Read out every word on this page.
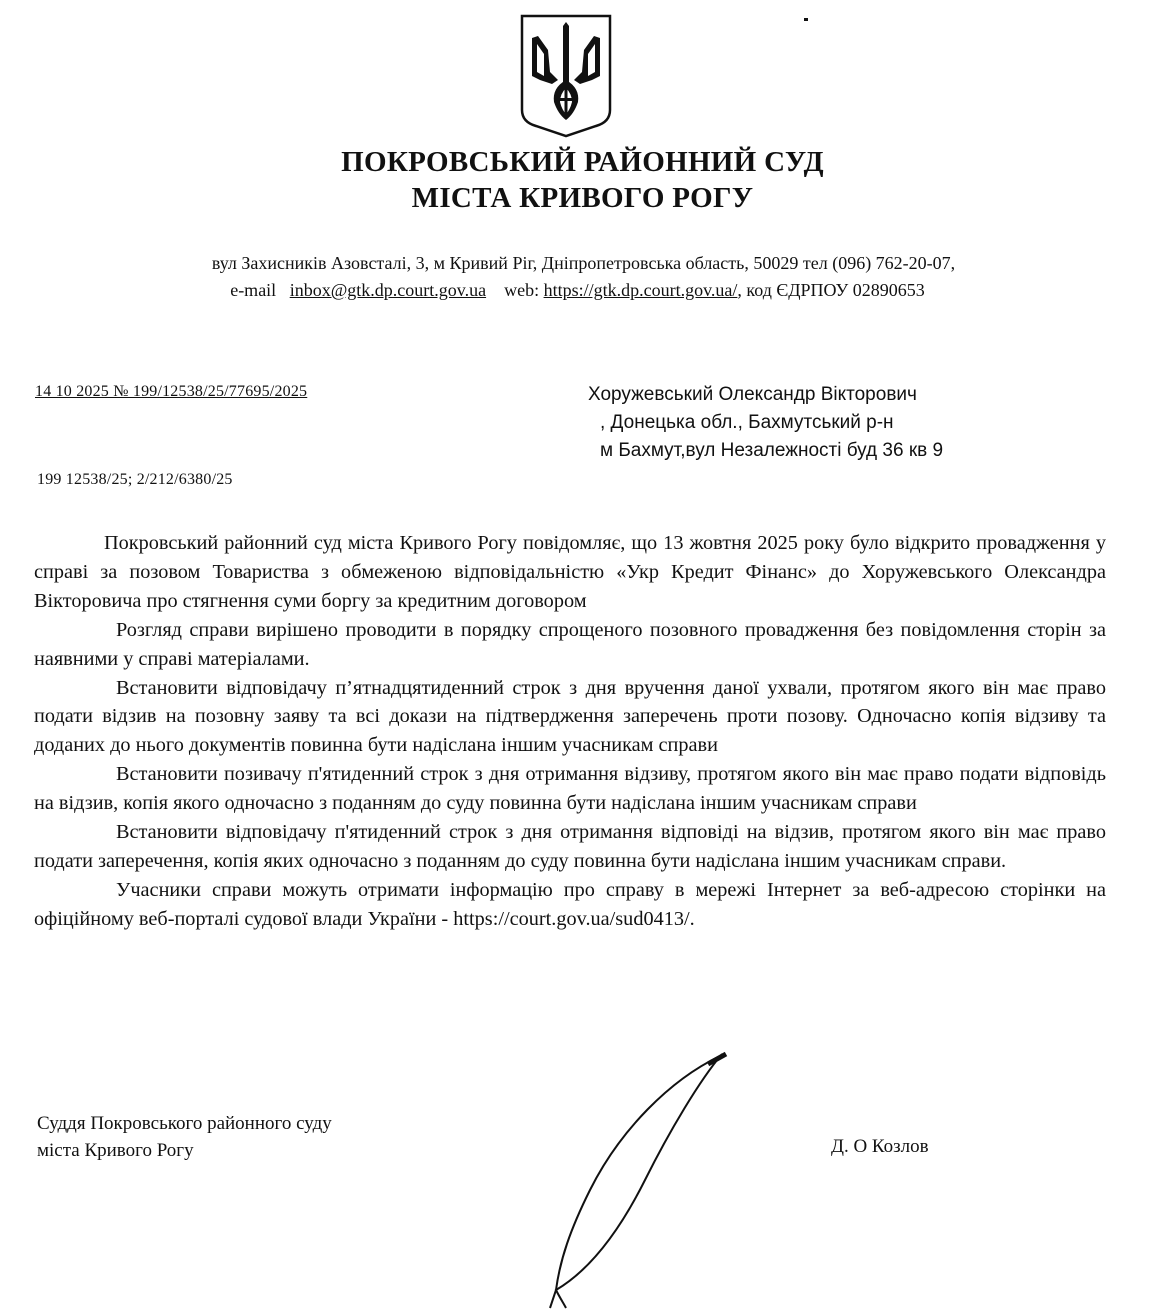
ПОКРОВСЬКИЙ РАЙОННИЙ СУД
МІСТА КРИВОГО РОГУ
вул Захисників Азовсталі, 3, м Кривий Ріг, Дніпропетровська область, 50029 тел (096) 762-20-07,
e-mail inbox@gtk.dp.court.gov.ua web: https://gtk.dp.court.gov.ua/, код ЄДРПОУ 02890653
14 10 2025 № 199/12538/25/77695/2025
199 12538/25; 2/212/6380/25
Хоружевський Олександр Вікторович
, Донецька обл., Бахмутський р-н
м Бахмут,вул Незалежності буд 36 кв 9

Покровський районний суд міста Кривого Рогу повідомляє, що 13 жовтня 2025 року було відкрито провадження у справі за позовом Товариства з обмеженою відповідальністю «Укр Кредит Фінанс» до Хоружевського Олександра Вікторовича про стягнення суми боргу за кредитним договором

Розгляд справи вирішено проводити в порядку спрощеного позовного провадження без повідомлення сторін за наявними у справі матеріалами.

Встановити відповідачу п’ятнадцятиденний строк з дня вручення даної ухвали, протягом якого він має право подати відзив на позовну заяву та всі докази на підтвердження заперечень проти позову. Одночасно копія відзиву та доданих до нього документів повинна бути надіслана іншим учасникам справи

Встановити позивачу п'ятиденний строк з дня отримання відзиву, протягом якого він має право подати відповідь на відзив, копія якого одночасно з поданням до суду повинна бути надіслана іншим учасникам справи

Встановити відповідачу п'ятиденний строк з дня отримання відповіді на відзив, протягом якого він має право подати заперечення, копія яких одночасно з поданням до суду повинна бути надіслана іншим учасникам справи.

Учасники справи можуть отримати інформацію про справу в мережі Інтернет за веб-адресою сторінки на офіційному веб-порталі судової влади України - https://court.gov.ua/sud0413/.

Суддя Покровського районного суду
міста Кривого Рогу	Д. О Козлов
